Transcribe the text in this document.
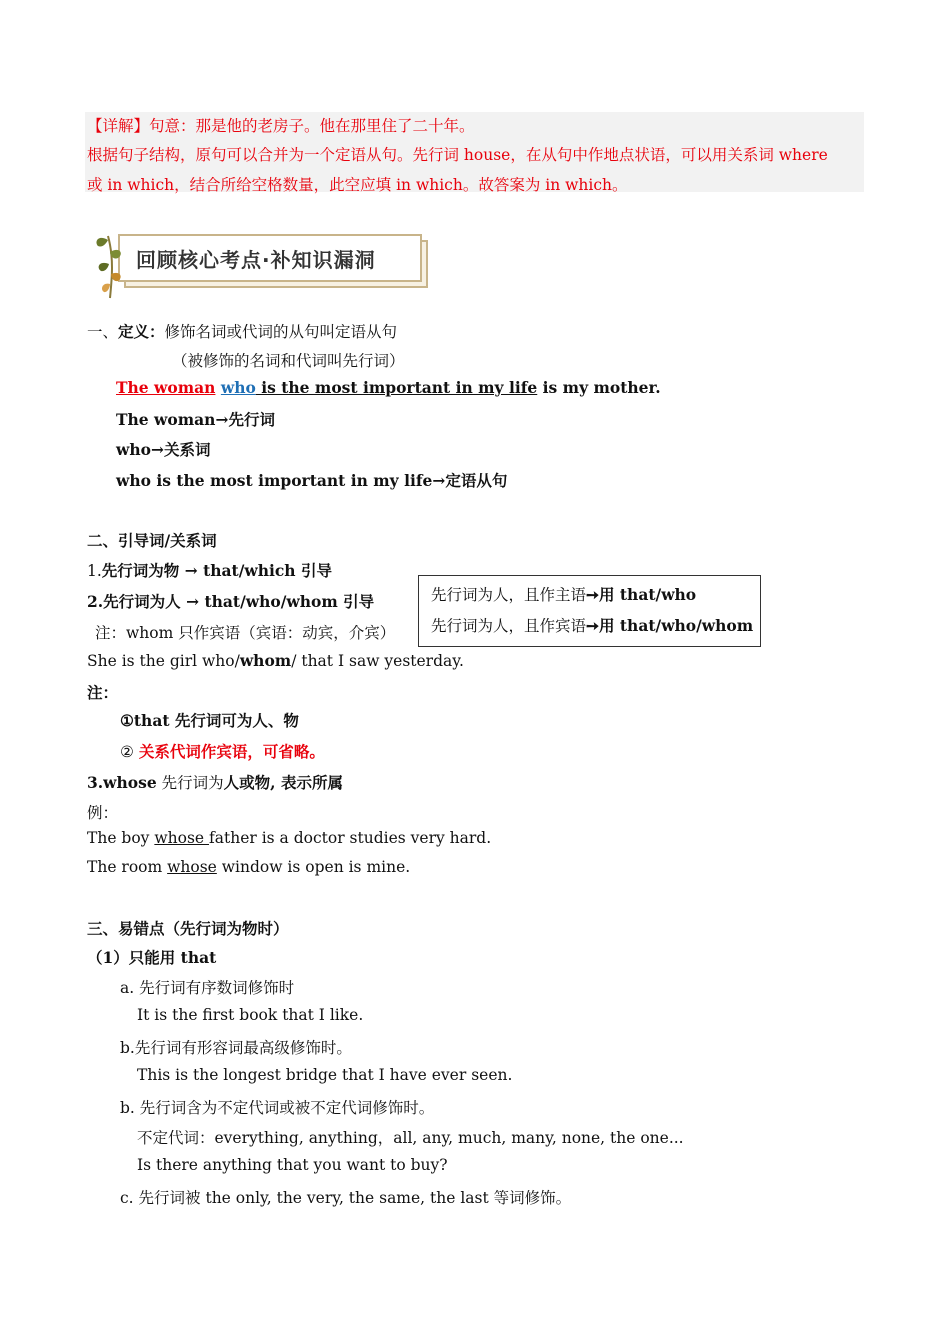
【详解】句意：那是他的老房子。他在那里住了二十年。
根据句子结构，原句可以合并为一个定语从句。先行词 house，在从句中作地点状语，可以用关系词 where
或 in which，结合所给空格数量，此空应填 in which。故答案为 in which。
回顾核心考点·补知识漏洞
一、定义：修饰名词或代词的从句叫定语从句
（被修饰的名词和代词叫先行词）
The woman who is the most important in my life is my mother.
The woman→先行词
who→关系词
who is the most important in my life→定语从句
二、引导词/关系词
1.先行词为物 → that/which 引导
2.先行词为人 → that/who/whom 引导
注：whom 只作宾语（宾语：动宾，介宾）
She is the girl who/whom/ that I saw yesterday.
注：
①that 先行词可为人、物
② 关系代词作宾语，可省略。
3.whose 先行词为人或物, 表示所属
例：
The boy whose father is a doctor studies very hard.
The room whose window is open is mine.
先行词为人，且作主语➙用 that/who
先行词为人，且作宾语➙用 that/who/whom
三、易错点（先行词为物时）
（1）只能用 that
a. 先行词有序数词修饰时
It is the first book that I like.
b.先行词有形容词最高级修饰时。
This is the longest bridge that I have ever seen.
b. 先行词含为不定代词或被不定代词修饰时。
不定代词：everything, anything，all, any, much, many, none, the one...
Is there anything that you want to buy?
c. 先行词被 the only, the very, the same, the last 等词修饰。
